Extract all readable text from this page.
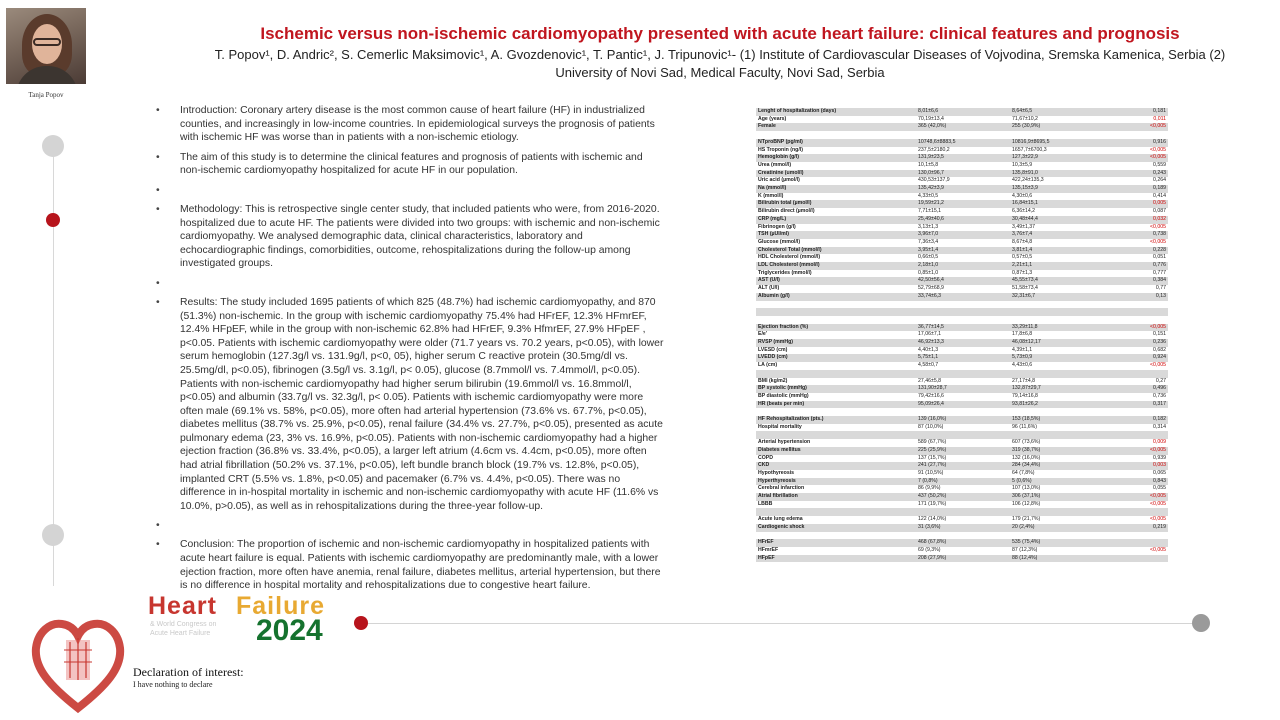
Tanja Popov
Ischemic versus non-ischemic cardiomyopathy presented with acute heart failure: clinical features and prognosis
T. Popov¹, D. Andric², S. Cemerlic Maksimovic¹, A. Gvozdenovic¹, T. Pantic¹, J. Tripunovic¹- (1) Institute of Cardiovascular Diseases of Vojvodina, Sremska Kamenica, Serbia (2)
University of Novi Sad, Medical Faculty, Novi Sad, Serbia
• Introduction: Coronary artery disease is the most common cause of heart failure (HF) in industrialized counties, and increasingly in low-income countries. In epidemiological surveys the prognosis of patients with ischemic HF was worse than in patients with a non-ischemic etiology.
• The aim of this study is to determine the clinical features and prognosis of patients with ischemic and non-ischemic cardiomyopathy hospitalized for acute HF in our population.
•
• Methodology: This is retrospective single center study, that included patients who were, from 2016-2020. hospitalized due to acute HF. The patients were divided into two groups: with ischemic and non-ischemic cardiomyopathy. We analysed demographic data, clinical characteristics, laboratory and echocardiographic findings, comorbidities, outcome, rehospitalizations during the follow-up among investigated groups.
•
• Results: The study included 1695 patients of which 825 (48.7%) had ischemic cardiomyopathy, and 870 (51.3%) non-ischemic. In the group with ischemic cardiomyopathy 75.4% had HFrEF, 12.3% HFmrEF, 12.4% HFpEF, while in the group with non-ischemic 62.8% had HFrEF, 9.3% HfmrEF, 27.9% HFpEF , p<0.05. Patients with ischemic cardiomyopathy were older (71.7 years vs. 70.2 years, p<0.05), with lower serum hemoglobin (127.3g/l vs. 131.9g/l, p<0, 05), higher serum C reactive protein (30.5mg/dl vs. 25.5mg/dl, p<0.05), fibrinogen (3.5g/l vs. 3.1g/l, p< 0.05), glucose (8.7mmol/l vs. 7.4mmol/l, p<0.05). Patients with non-ischemic cardiomyopathy had higher serum bilirubin (19.6mmol/l vs. 16.8mmol/l, p<0.05) and albumin (33.7g/l vs. 32.3g/l, p< 0.05). Patients with ischemic cardiomyopathy were more often male (69.1% vs. 58%, p<0.05), more often had arterial hypertension (73.6% vs. 67.7%, p<0.05), diabetes mellitus (38.7% vs. 25.9%, p<0.05), renal failure (34.4% vs. 27.7%, p<0.05), presented as acute pulmonary edema (23, 3% vs. 16.9%, p<0.05). Patients with non-ischemic cardiomyopathy had a higher ejection fraction (36.8% vs. 33.4%, p<0.05), a larger left atrium (4.6cm vs. 4.4cm, p<0.05), more often had atrial fibrillation (50.2% vs. 37.1%, p<0.05), left bundle branch block (19.7% vs. 12.8%, p<0.05), implanted CRT (5.5% vs. 1.8%, p<0.05) and pacemaker (6.7% vs. 4.4%, p<0.05). There was no difference in in-hospital mortality in ischemic and non-ischemic cardiomyopathy with acute HF (11.6% vs 10.0%, p>0.05), as well as in rehospitalizations during the three-year follow-up.
•
• Conclusion: The proportion of ischemic and non-ischemic cardiomyopathy in hospitalized patients with acute heart failure is equal. Patients with ischemic cardiomyopathy are predominantly male, with a lower ejection fraction, more often have anemia, renal failure, diabetes mellitus, arterial hypertension, but there is no difference in hospital mortality and rehospitalizations due to congestive heart failure.
Lenght of hospitalization (days)	8,01±6,6	8,64±6,5	0,181
Age (years)	70,19±13,4	71,67±10,2	0,011
Female	365 (42,0%)	255 (30,9%)	<0,005

NTproBNP (pg/ml)	10748,6±8883,5	10816,9±8695,5	0,916
HS Troponin (ng/l)	237,5±2180,2	1657,7±6700,3	<0,005
Hemoglobin (g/l)	131,9±23,5	127,3±22,9	<0,005
Urea (mmol/l)	10,1±5,8	10,3±5,9	0,559
Creatinine (umol/l)	130,0±96,7	135,8±91,0	0,243
Uric acid (µmol/l)	430,53±137,9	422,24±135,3	0,264
Na (mmol/l)	135,42±3,9	135,15±3,9	0,189
K (mmol/l)	4,33±0,5	4,30±0,6	0,414
Bilirubin total (µmol/l)	19,59±21,2	16,84±15,1	0,005
Bilirubin direct (µmol/l)	7,71±15,1	6,36±14,2	0,087
CRP (mg/L)	25,49±40,6	30,48±44,4	0,032
Fibrinogen (g/l)	3,13±1,3	3,49±1,37	<0,005
TSH (µUI/ml)	3,96±7,0	3,76±7,4	0,738
Glucose (mmol/l)	7,36±3,4	8,67±4,8	<0,005
Cholesterol Total (mmol/l)	3,95±1,4	3,81±1,4	0,228
HDL Cholesterol (mmol/l)	0,66±0,5	0,57±0,5	0,051
LDL Cholesterol (mmol/l)	2,18±1,0	2,21±1,1	0,776
Triglycerides (mmol/l)	0,85±1,0	0,87±1,3	0,777
AST (U/l)	42,50±56,4	45,55±73,4	0,384
ALT (U/l)	52,79±68,9	51,58±73,4	0,77
Albumin (g/l)	33,74±6,3	32,31±6,7	0,13

Ejection fraction (%)	36,77±14,5	33,29±11,8	<0,005
E/e'	17,06±7,1	17,8±6,8	0,151
RVSP (mmHg)	46,92±13,3	46,08±12,17	0,236
LVESD (cm)	4,40±1,3	4,39±1,1	0,682
LVEDD (cm)	5,75±1,1	5,73±0,9	0,924
LA (cm)	4,58±0,7	4,43±0,6	<0,005

BMI (kg/m2)	27,46±5,8	27,17±4,8	0,27
BP systolic (mmHg)	131,90±28,7	132,87±29,7	0,496
BP diastolic (mmHg)	79,42±16,6	79,14±16,8	0,736
HR (beats per min)	95,09±26,4	93,81±26,2	0,317

HF Rehospitalization (pts.)	139 (16,0%)	153 (18,5%)	0,182
Hospital mortality	87 (10,0%)	96 (11,6%)	0,314

Arterial hypertension	589 (67,7%)	607 (73,6%)	0,009
Diabetes mellitus	225 (25,9%)	319 (38,7%)	<0,005
COPD	137 (15,7%)	132 (16,0%)	0,939
CKD	241 (27,7%)	284 (34,4%)	0,003
Hypothyreosis	91 (10,5%)	64 (7,8%)	0,065
Hyperthyreosis	7 (0,8%)	5 (0,6%)	0,843
Cerebral infarction	86 (9,9%)	107 (13,0%)	0,055
Atrial fibrillation	437 (50,2%)	306 (37,1%)	<0,005
LBBB	171 (19,7%)	106 (12,8%)	<0,005

Acute lung edema	122 (14,0%)	179 (21,7%)	<0,005
Cardiogenic shock	31 (3,6%)	20 (2,4%)	0,219

HFrEF	468 (67,8%)	535 (75,4%)	
HFmrEF	69 (9,3%)	87 (12,3%)	<0,005
HFpEF	208 (27,9%)	88 (12,4%)	
Heart Failure
& World Congress on
Acute Heart Failure 2024
Declaration of interest:
I have nothing to declare
